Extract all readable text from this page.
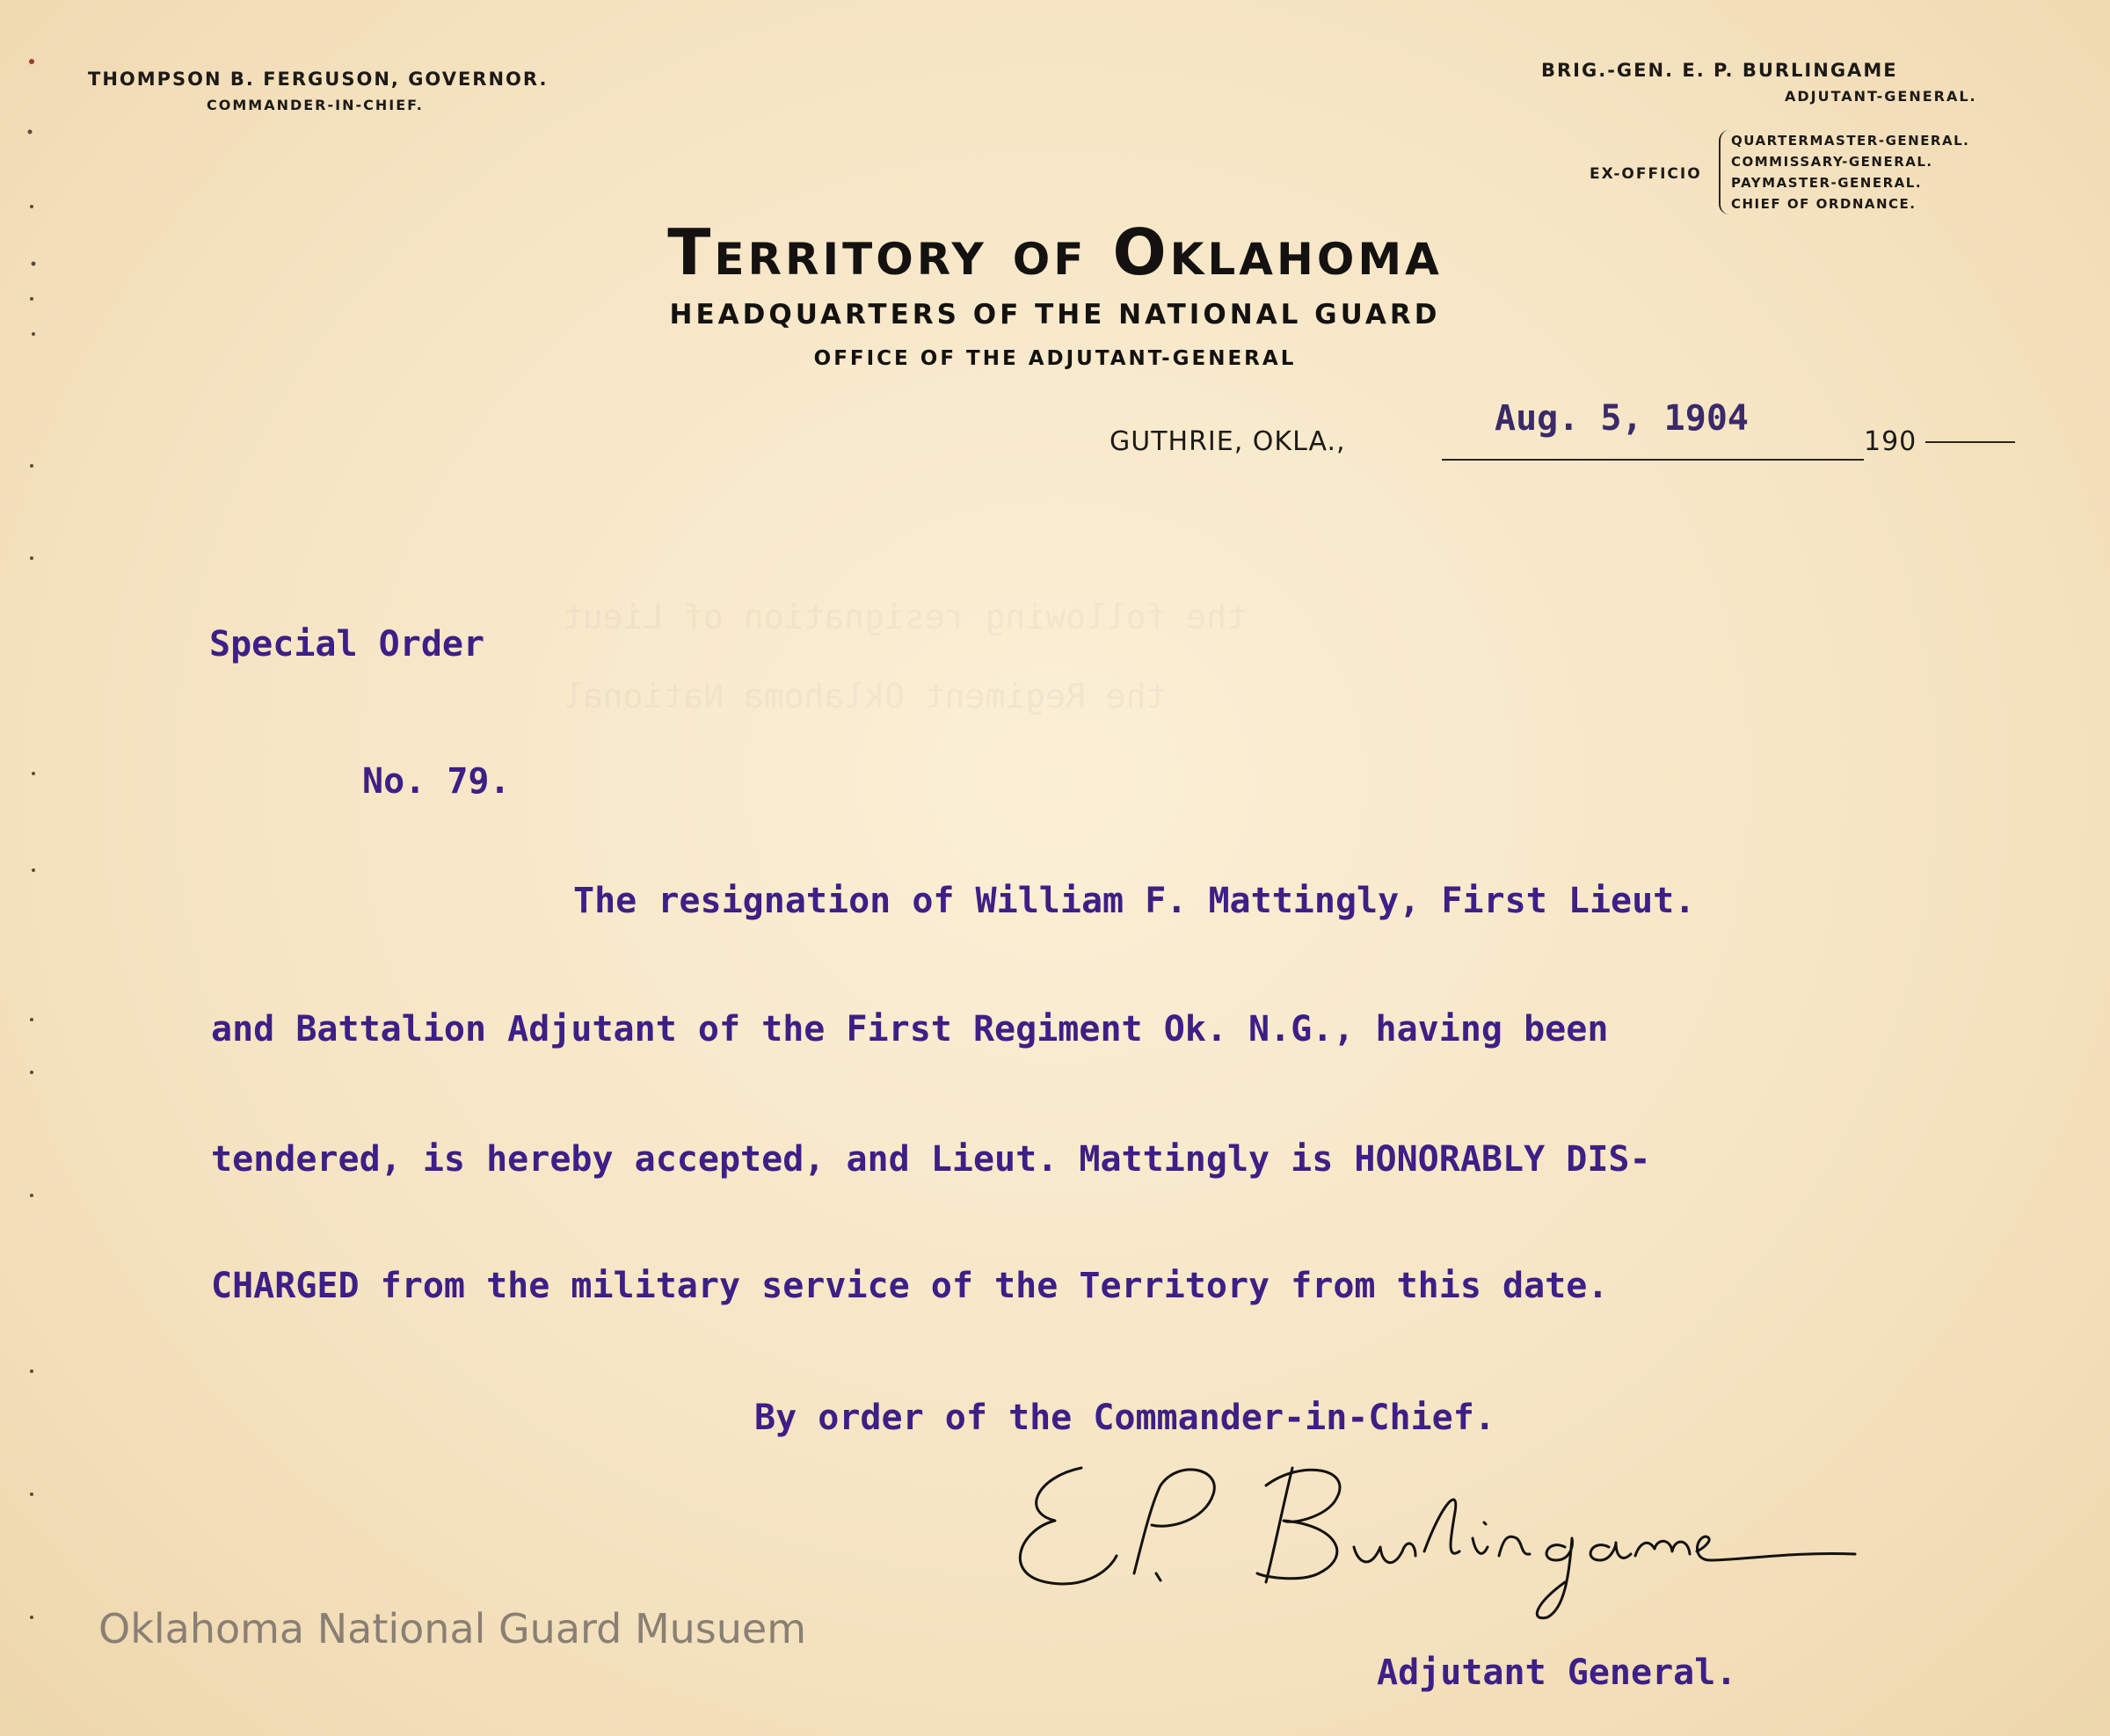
THOMPSON B. FERGUSON, GOVERNOR.
COMMANDER-IN-CHIEF.
BRIG.-GEN. E. P. BURLINGAME
ADJUTANT-GENERAL.
EX-OFFICIO
QUARTERMASTER-GENERAL.
COMMISSARY-GENERAL.
PAYMASTER-GENERAL.
CHIEF OF ORDNANCE.
Territory of Oklahoma
HEADQUARTERS OF THE NATIONAL GUARD
OFFICE OF THE ADJUTANT-GENERAL
GUTHRIE, OKLA.,	190
Aug. 5, 1904
Special Order
No. 79.
The resignation of William F. Mattingly, First Lieut.
and Battalion Adjutant of the First Regiment Ok. N.G., having been
tendered, is hereby accepted, and Lieut. Mattingly is HONORABLY DIS-
CHARGED from the military service of the Territory from this date.
By order of the Commander-in-Chief.
Adjutant General.
Oklahoma National Guard Musuem
